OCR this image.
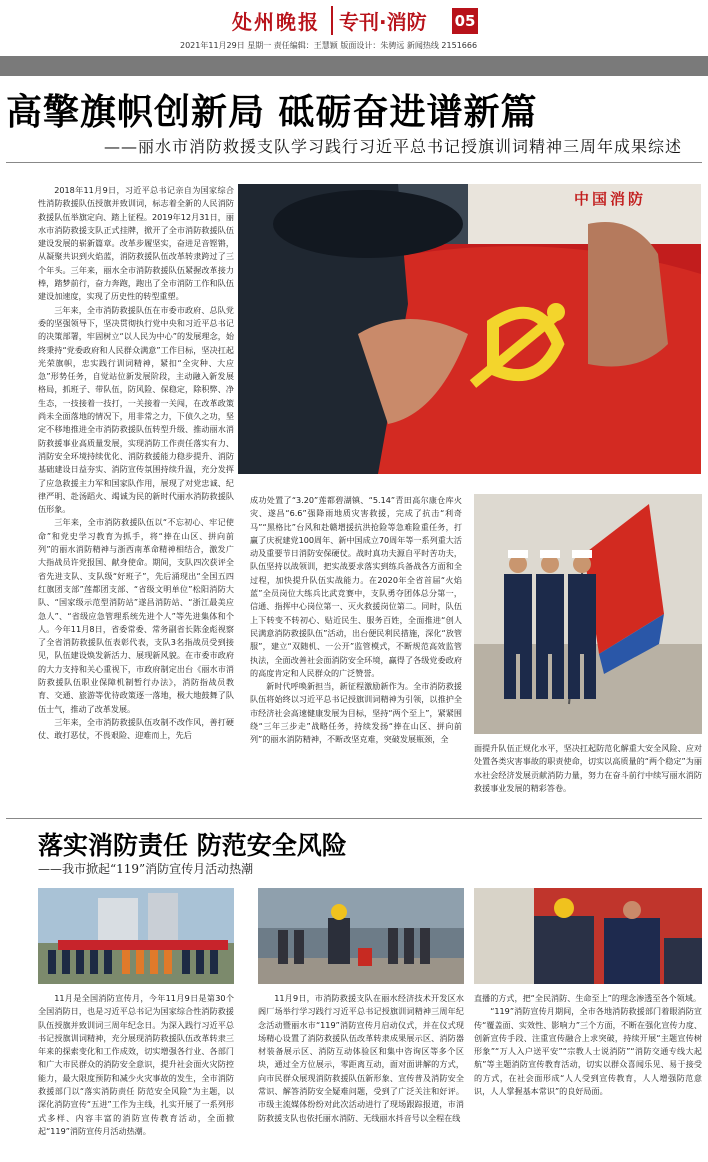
处州晚报 专刊·消防 05
2021年11月29日 星期一 责任编辑：王慧颖 版面设计：朱骋远 新闻热线 2151666
高擎旗帜创新局 砥砺奋进谱新篇
——丽水市消防救援支队学习践行习近平总书记授旗训词精神三周年成果综述
中国消防

2018年11月9日，习近平总书记亲自为国家综合性消防救援队伍授旗并致训词，标志着全新的人民消防救援队伍举旗定向、踏上征程。2019年12月31日，丽水市消防救援支队正式挂牌，掀开了全市消防救援队伍建设发展的崭新篇章。改革步履坚实，奋进足音铿锵，从凝聚共识到火焰蓝，消防救援队伍改革转隶跨过了三个年头。三年来，丽水全市消防救援队伍紧握改革接力棒，踏梦前行，奋力奔跑，跑出了全市消防工作和队伍建设加速度，实现了历史性的转型重塑。

三年来，全市消防救援队伍在市委市政府、总队党委的坚强领导下，坚决贯彻执行党中央和习近平总书记的决策部署，牢固树立“以人民为中心”的发展理念，始终秉持“党委政府和人民群众满意”工作目标，坚决扛起光荣旗帜，忠实践行训词精神，紧扣“全灾种、大应急”形势任务，自觉站位新发展阶段，主动融入新发展格局，抓班子、带队伍，防风险、保稳定，除积弊、净生态，一技接着一技打，一关接着一关闯，在改革政策尚未全面落地的情况下，用非常之力，下侦久之功，坚定不移地推进全市消防救援队伍转型升级、推动丽水消防救援事业高质量发展，实现消防工作责任落实有力、消防安全环境持续优化、消防救援能力稳步提升、消防基础建设日益夯实、消防宣传氛围持续升温，充分发挥了应急救援主力军和国家队作用，展现了对党忠诚、纪律严明、赴汤蹈火、竭诚为民的新时代丽水消防救援队伍形象。

三年来，全市消防救援队伍以“不忘初心、牢记使命”和党史学习教育为抓手，将“捧在山区、拼向前列”的丽水消防精神与浙西南革命精神相结合，激发广大指战员许党报国、献身使命。期间，支队四次获评全省先进支队、支队级“好班子”，先后涌现出“全国五四红旗团支部”莲都团支部、“省级文明单位”松阳消防大队、“国家级示范型消防站”遂昌消防站、“浙江最美应急人”、“省级应急管理系统先进个人”等先进集体和个人。今年11月8日，省委常委、常务副省长陈金彪视察了全省消防救援队伍表彰代表，支队3名指战员受到接见，队伍建设焕发新活力、展现新风貌。在市委市政府的大力支持和关心重视下，市政府制定出台《丽水市消防救援队伍职业保障机制暂行办法》，消防指战员教育、交通、旅游等优待政策逐一落地，极大地鼓舞了队伍士气，推动了改革发展。

三年来，全市消防救援队伍攻制不改作风，善打硬仗、敢打恶仗，不畏艰险、迎难而上，先后

成功处置了“3.20”莲都碧湖镇、“5.14”青田高尔康仓库火灾、遂昌“6.6”强降雨地质灾害救援，完成了抗击“利奇马”“黑格比”台风和赴赣增援抗洪抢险等急难险重任务，打赢了庆祝建党100周年、新中国成立70周年等一系列重大活动及重要节日消防安保硬仗。战时真功夫源自平时苦功夫，队伍坚持以战领训，把实战要求落实到练兵备战各方面和全过程，加快提升队伍实战能力。在2020年全省首届“火焰蓝”全员岗位大练兵比武竞赛中，支队勇夺团体总分第一，信通、指挥中心岗位第一、灭火救援岗位第二。同时，队伍上下转变不转初心、贴近民生、服务百姓，全面推进“创人民满意消防救援队伍”活动，出台便民利民措施，深化“放管服”，建立“双随机、一公开”监管模式，不断规范高效监管执法，全面改善社会面消防安全环境，赢得了各级党委政府的高度肯定和人民群众的广泛赞誉。

新时代呼唤新担当，新征程激励新作为。全市消防救援队伍将始终以习近平总书记授旗训词精神为引领，以推护全市经济社会高速健康发展为目标，坚持“两个至上”，紧紧围绕“三年三步走”战略任务，持续发扬“捧在山区、拼向前列”的丽水消防精神，不断改坚克难，突破发展瓶颈，全

面提升队伍正规化水平，坚决扛起防范化解重大安全风险、应对处置各类灾害事故的职责使命，切实以高质量的“两个稳定”为丽水社会经济发展贡献消防力量，努力在奋斗前行中续写丽水消防救援事业发展的精彩答卷。

落实消防责任 防范安全风险
——我市掀起“119”消防宣传月活动热潮

11月是全国消防宣传月，今年11月9日是第30个全国消防日，也是习近平总书记为国家综合性消防救援队伍授旗并致训词三周年纪念日。为深入践行习近平总书记授旗训词精神，充分展现消防救援队伍改革转隶三年来的探索变化和工作成效，切实增强各行业、各部门和广大市民群众的消防安全意识，提升社会面火灾防控能力，最大限度预防和减少火灾事故的发生，全市消防救援部门以“落实消防责任 防范安全风险”为主题，以深化消防宣传“五进”工作为主线，扎实开展了一系列形式多样、内容丰富的消防宣传教育活动，全面掀起“119”消防宣传月活动热潮。

11月9日，市消防救援支队在丽水经济技术开发区水阁厂场举行学习践行习近平总书记授旗训词精神三周年纪念活动暨丽水市“119”消防宣传月启动仪式，并在仪式现场精心设置了消防救援队伍改革转隶成果展示区、消防器材装备展示区、消防互动体验区和集中咨询区等多个区块，通过全方位展示，零距离互动，面对面讲解的方式，向市民群众展现消防救援队伍新形象、宣传普及消防安全常识、解答消防安全疑难问题，受到了广泛关注和好评。市级主流媒体纷纷对此次活动进行了现场跟踪报道，市消防救援支队也依托丽水消防、无线丽水抖音号以全程在线

直播的方式，把“全民消防、生命至上”的理念渗透至各个领域。

“119”消防宣传月期间，全市各地消防救援部门着眼消防宣传“覆盖面、实效性、影响力”三个方面，不断在强化宣传力度、创新宣传手段、注重宣传融合上求突破，持续开展“主题宣传树形象”“万人入户送平安”“宗教人士说消防”“消防交通专线大起航”等主题消防宣传教育活动，切实以群众喜闻乐见、易于接受的方式，在社会面形成“人人受到宣传教育，人人增强防范意识，人人掌握基本常识”的良好局面。
